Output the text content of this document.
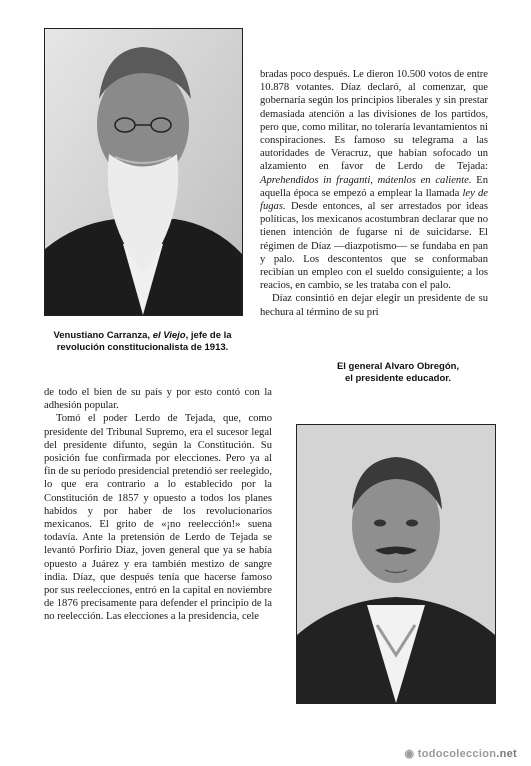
Venustiano Carranza, el Viejo, jefe de la revolución constitucionalista de 1913.

bradas poco después. Le dieron 10.500 votos de entre 10.878 votantes. Díaz declaró, al comenzar, que gobernaría según los principios liberales y sin prestar demasiada atención a las divisiones de los partidos, pero que, como militar, no toleraría levantamientos ni conspiraciones. Es famoso su telegrama a las autoridades de Veracruz, que habían sofocado un alzamiento en favor de Lerdo de Tejada: Aprehendidos in fraganti, mátenlos en caliente. En aquella época se empezó a emplear la llamada ley de fugas. Desde entonces, al ser arrestados por ideas políticas, los mexicanos acostumbran declarar que no tienen intención de fugarse ni de suicidarse. El régimen de Díaz —diazpotismo— se fundaba en pan y palo. Los descontentos que se conformaban recibían un empleo con el sueldo consiguiente; a los reacios, en cambio, se les trataba con el palo.

Díaz consintió en dejar elegir un presidente de su hechura al término de su pri

El general Alvaro Obregón,
el presidente educador.

de todo el bien de su país y por esto contó con la adhesión popular.

Tomó el poder Lerdo de Tejada, que, como presidente del Tribunal Supremo, era el sucesor legal del presidente difunto, según la Constitución. Su posición fue confirmada por elecciones. Pero ya al fin de su período presidencial pretendió ser reelegido, lo que era contrario a lo establecido por la Constitución de 1857 y opuesto a todos los planes habidos y por haber de los revolucionarios mexicanos. El grito de «¡no reelección!» suena todavía. Ante la pretensión de Lerdo de Tejada se levantó Porfirio Díaz, joven general que ya se había opuesto a Juárez y era también mestizo de sangre india. Díaz, que después tenía que hacerse famoso por sus reelecciones, entró en la capital en noviembre de 1876 precisamente para defender el principio de la no reelección. Las elecciones a la presidencia, cele

◉ todocoleccion.net
